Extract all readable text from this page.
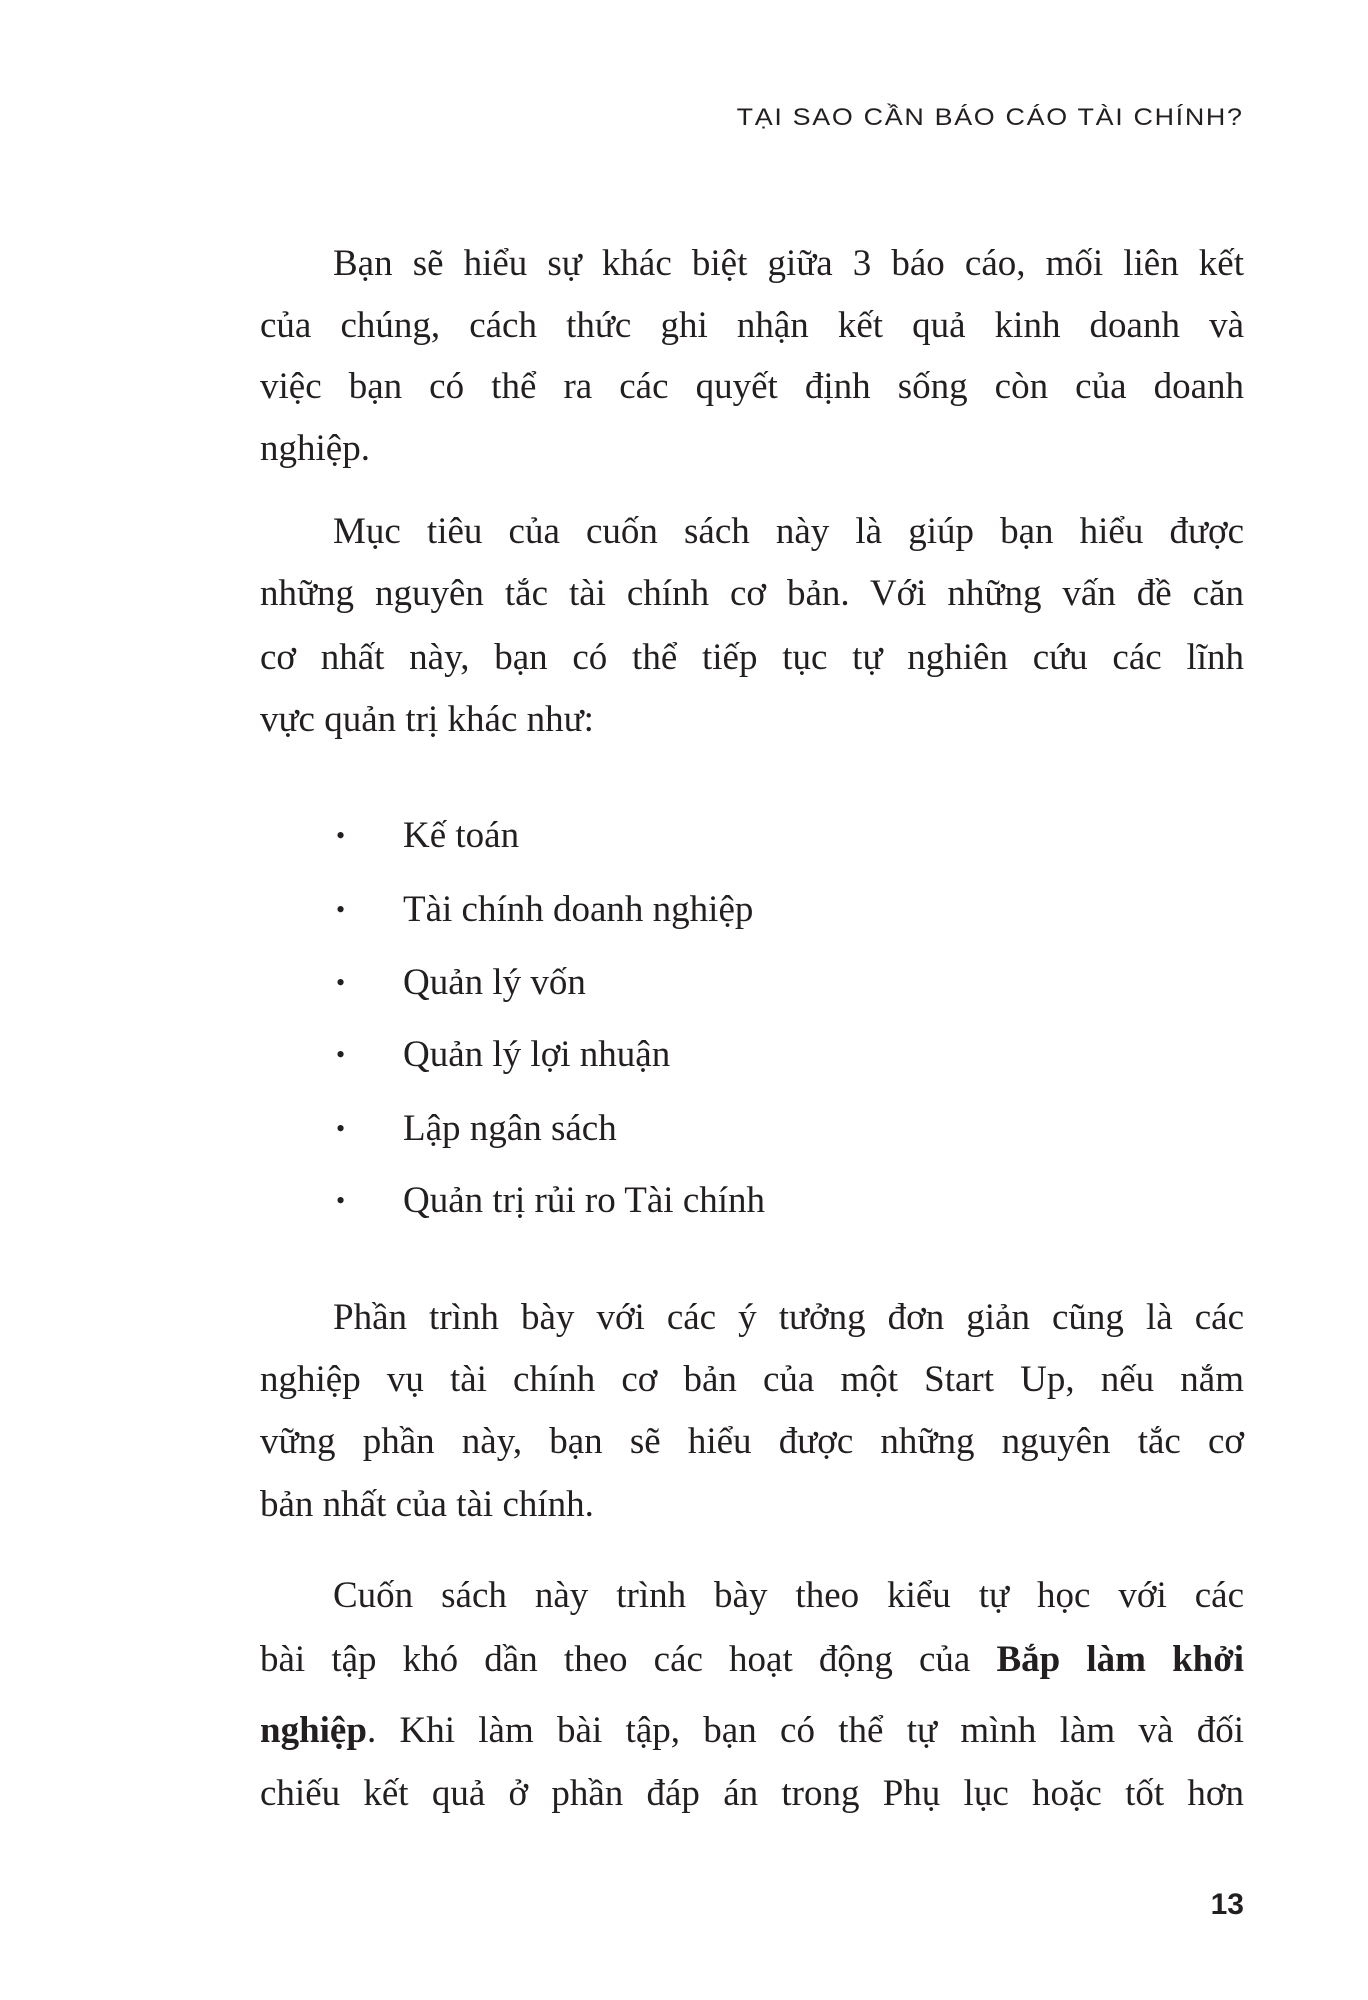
TẠI SAO CẦN BÁO CÁO TÀI CHÍNH?
Bạn sẽ hiểu sự khác biệt giữa 3 báo cáo, mối liên kết
của chúng, cách thức ghi nhận kết quả kinh doanh và
việc bạn có thể ra các quyết định sống còn của doanh
nghiệp.
Mục tiêu của cuốn sách này là giúp bạn hiểu được
những nguyên tắc tài chính cơ bản. Với những vấn đề căn
cơ nhất này, bạn có thể tiếp tục tự nghiên cứu các lĩnh
vực quản trị khác như:
• Kế toán
• Tài chính doanh nghiệp
• Quản lý vốn
• Quản lý lợi nhuận
• Lập ngân sách
• Quản trị rủi ro Tài chính
Phần trình bày với các ý tưởng đơn giản cũng là các
nghiệp vụ tài chính cơ bản của một Start Up, nếu nắm
vững phần này, bạn sẽ hiểu được những nguyên tắc cơ
bản nhất của tài chính.
Cuốn sách này trình bày theo kiểu tự học với các
bài tập khó dần theo các hoạt động của Bắp làm khởi
nghiệp. Khi làm bài tập, bạn có thể tự mình làm và đối
chiếu kết quả ở phần đáp án trong Phụ lục hoặc tốt hơn
13
